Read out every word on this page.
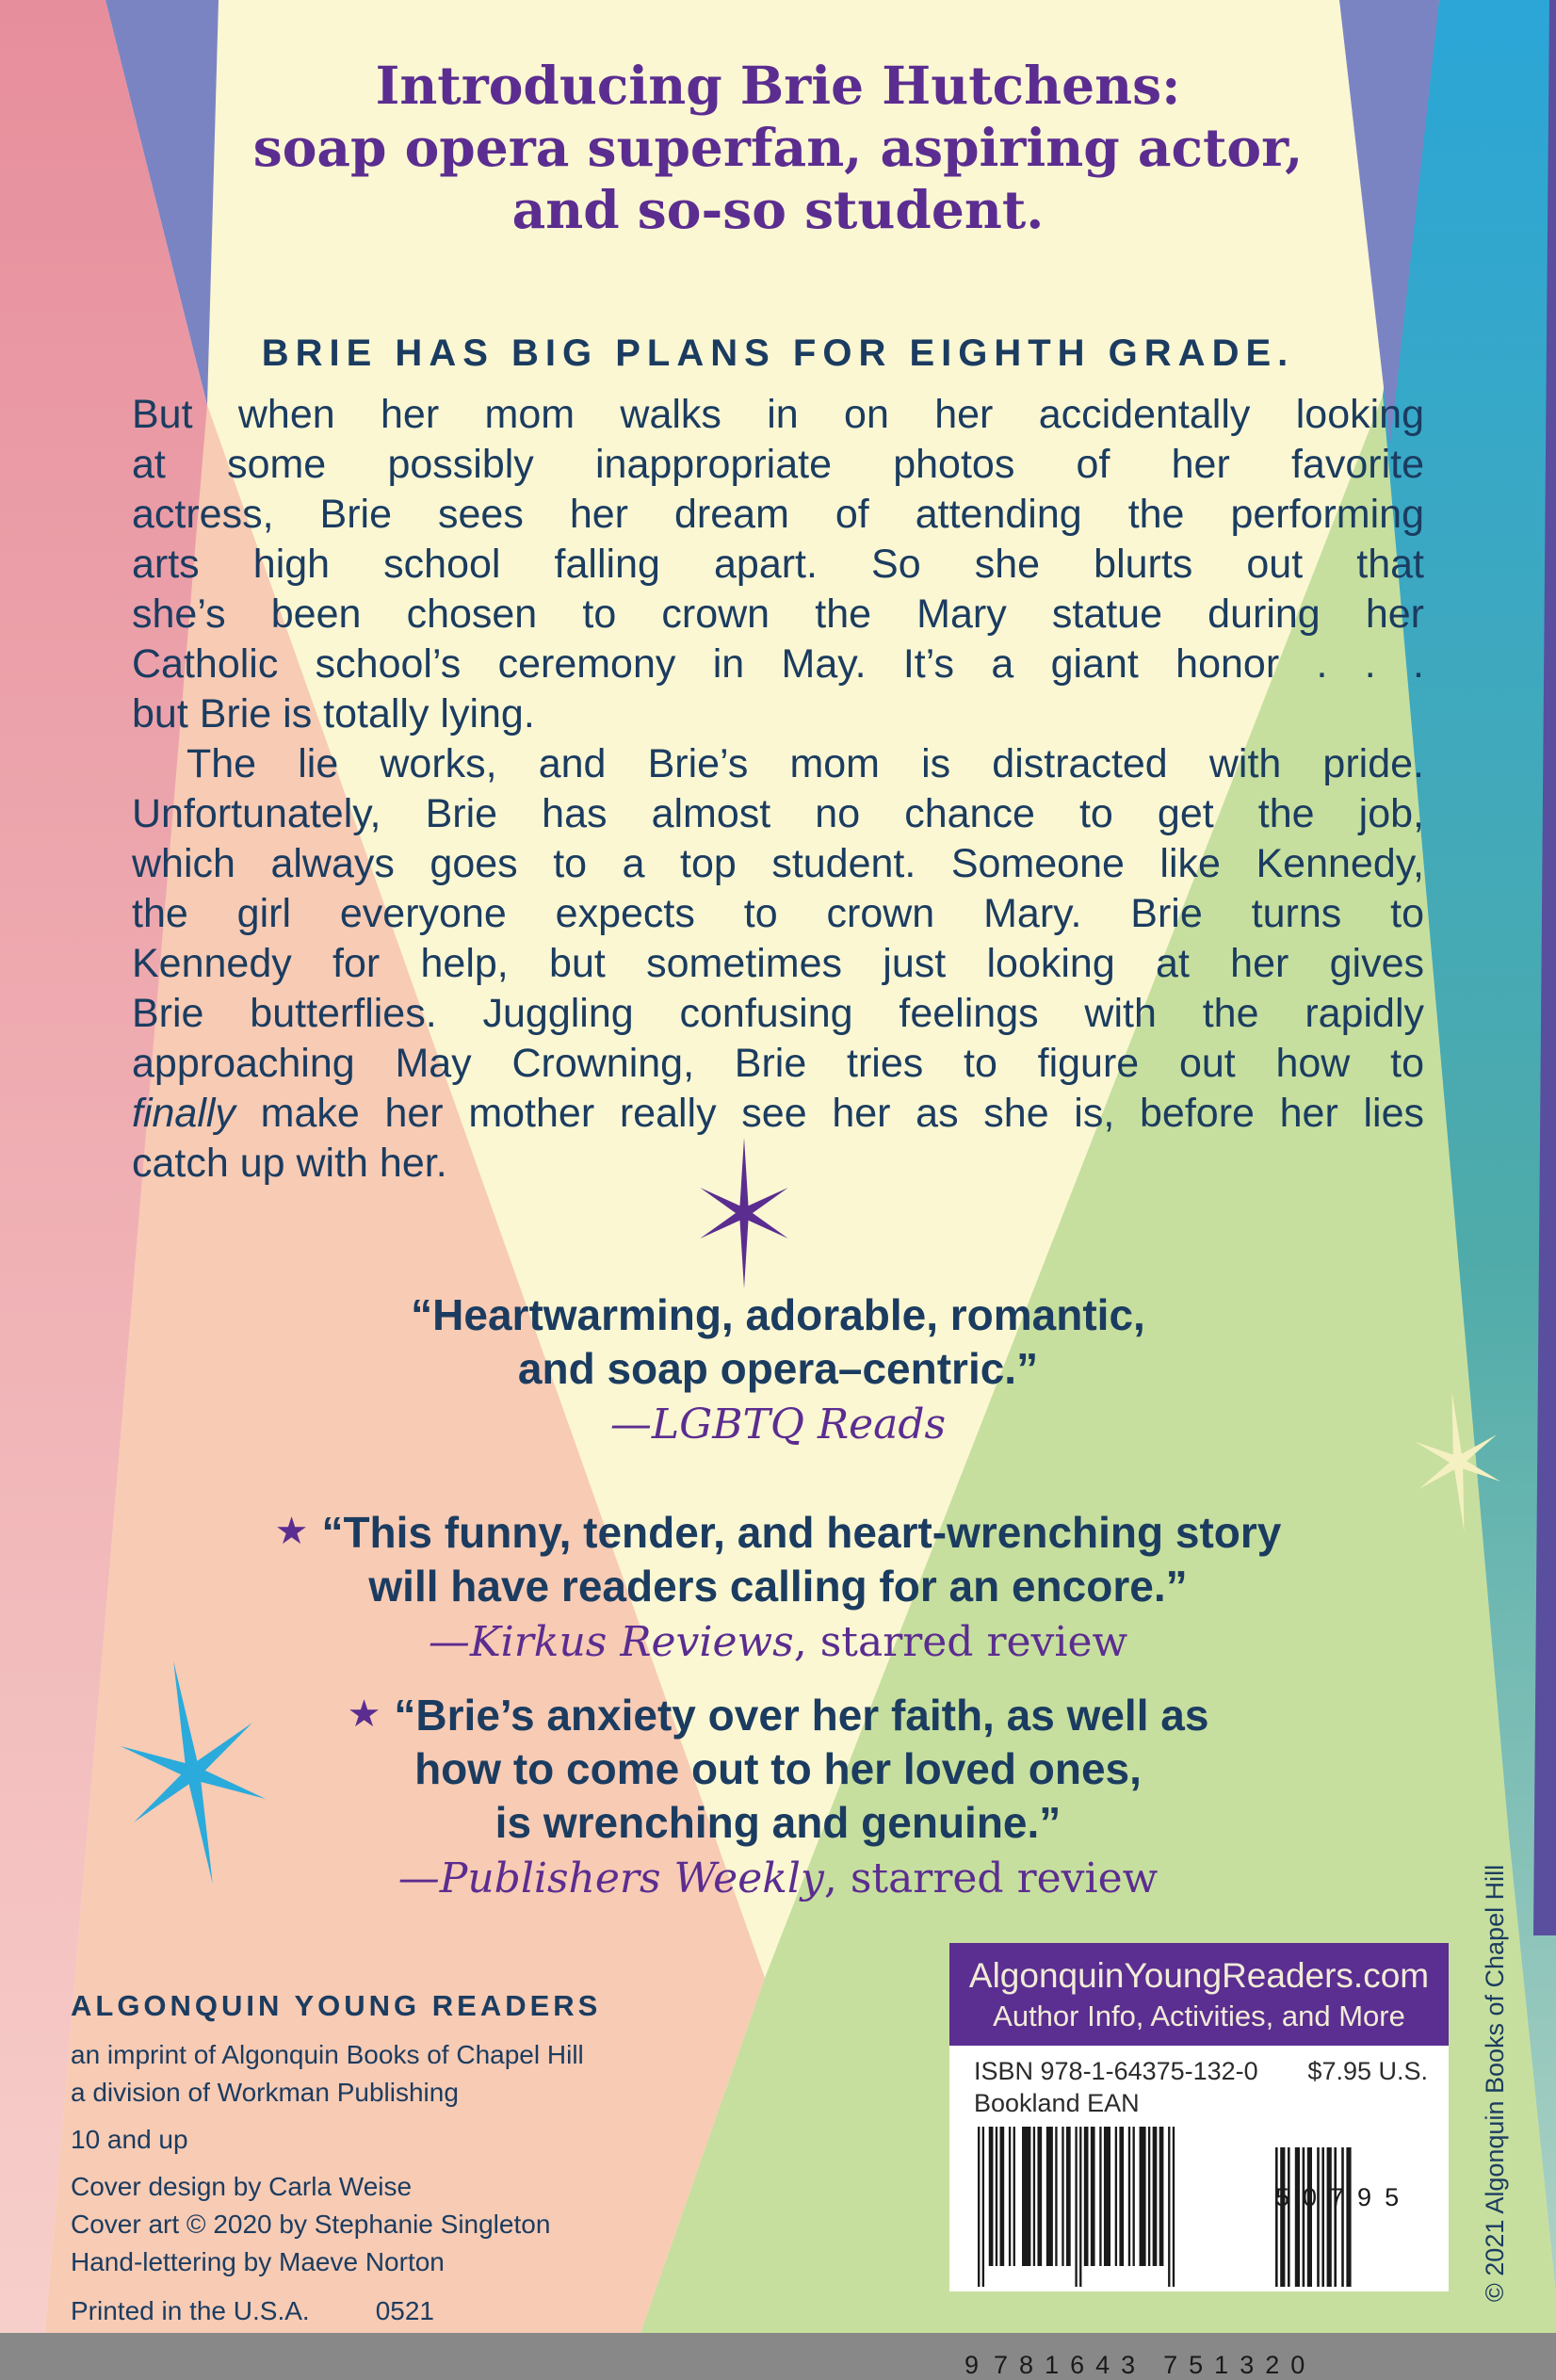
Introducing Brie Hutchens:
soap opera superfan, aspiring actor,
and so-so student.
BRIE HAS BIG PLANS FOR EIGHTH GRADE.
But when her mom walks in on her accidentally looking
at some possibly inappropriate photos of her favorite
actress, Brie sees her dream of attending the performing
arts high school falling apart. So she blurts out that
she’s been chosen to crown the Mary statue during her
Catholic school’s ceremony in May. It’s a giant honor . . .
but Brie is totally lying.
The lie works, and Brie’s mom is distracted with pride.
Unfortunately, Brie has almost no chance to get the job,
which always goes to a top student. Someone like Kennedy,
the girl everyone expects to crown Mary. Brie turns to
Kennedy for help, but sometimes just looking at her gives
Brie butterflies. Juggling confusing feelings with the rapidly
approaching May Crowning, Brie tries to figure out how to
finally make her mother really see her as she is, before her lies
catch up with her.
“Heartwarming, adorable, romantic,
and soap opera–centric.”
—LGBTQ Reads
★ “This funny, tender, and heart-wrenching story
will have readers calling for an encore.”
—Kirkus Reviews, starred review
★ “Brie’s anxiety over her faith, as well as
how to come out to her loved ones,
is wrenching and genuine.”
—Publishers Weekly, starred review
ALGONQUIN YOUNG READERS
an imprint of Algonquin Books of Chapel Hill
a division of Workman Publishing
10 and up
Cover design by Carla Weise
Cover art © 2020 by Stephanie Singleton
Hand-lettering by Maeve Norton
Printed in the U.S.A.	0521
AlgonquinYoungReaders.com
Author Info, Activities, and More
ISBN 978-1-64375-132-0 $7.95 U.S.
Bookland EAN
9 781643 751320
50795	© 2021 Algonquin Books of Chapel Hill
